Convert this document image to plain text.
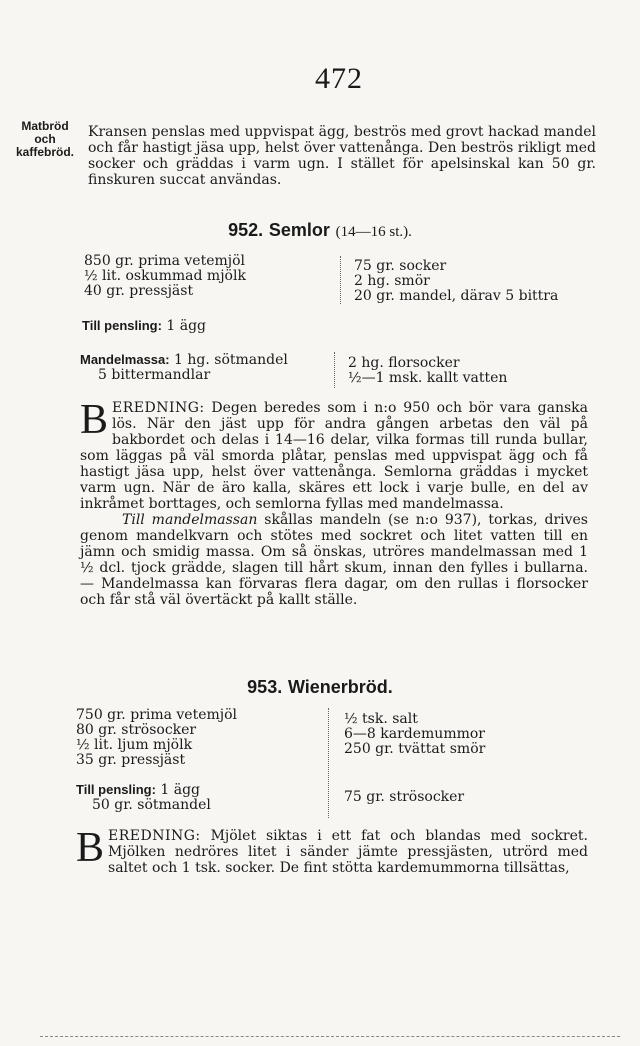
472
Matbröd
och
kaffebröd.

Kransen penslas med uppvispat ägg, beströs med grovt hackad mandel och får hastigt jäsa upp, helst över vattenånga. Den beströs rikligt med socker och gräddas i varm ugn. I stället för apelsinskal kan 50 gr. finskuren succat användas.

952. Semlor (14—16 st.).
850 gr. prima vetemjöl
½ lit. oskummad mjölk
40 gr. pressjäst
75 gr. socker
2 hg. smör
20 gr. mandel, därav 5 bittra
Till pensling: 1 ägg
Mandelmassa: 1 hg. sötmandel
5 bittermandlar
2 hg. florsocker
½—1 msk. kallt vatten

BEREDNING: Degen beredes som i n:o 950 och bör vara ganska lös. När den jäst upp för andra gången arbetas den väl på bakbordet och delas i 14—16 delar, vilka formas till runda bullar, som läggas på väl smorda plåtar, penslas med uppvispat ägg och få hastigt jäsa upp, helst över vattenånga. Semlorna gräddas i mycket varm ugn. När de äro kalla, skäres ett lock i varje bulle, en del av inkråmet borttages, och semlorna fyllas med mandelmassa.

Till mandelmassan skållas mandeln (se n:o 937), torkas, drives genom mandelkvarn och stötes med sockret och litet vatten till en jämn och smidig massa. Om så önskas, utröres mandelmassan med 1 ½ dcl. tjock grädde, slagen till hårt skum, innan den fylles i bullarna. — Mandelmassa kan förvaras flera dagar, om den rullas i florsocker och får stå väl övertäckt på kallt ställe.

953. Wienerbröd.
750 gr. prima vetemjöl
80 gr. strösocker
½ lit. ljum mjölk
35 gr. pressjäst
½ tsk. salt
6—8 kardemummor
250 gr. tvättat smör
Till pensling: 1 ägg
50 gr. sötmandel	75 gr. strösocker

BEREDNING: Mjölet siktas i ett fat och blandas med sockret. Mjölken nedröres litet i sänder jämte pressjästen, utrörd med saltet och 1 tsk. socker. De fint stötta kardemummorna tillsättas,
